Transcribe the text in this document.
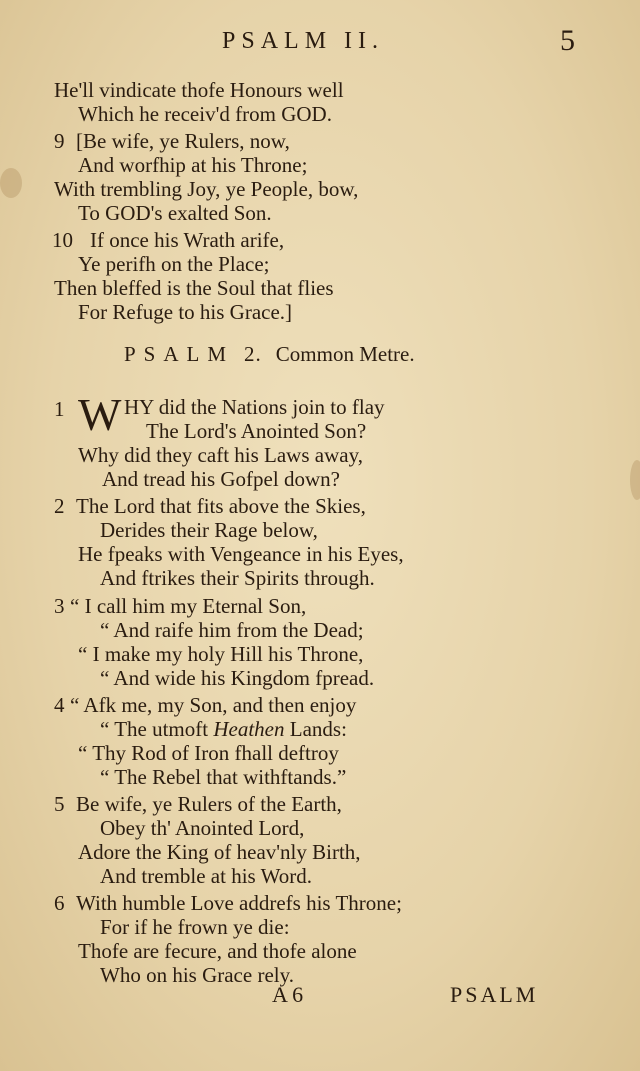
PSALM II.	5
He'll vindicate thofe Honours well
Which he receiv'd from GOD.
9 [Be wife, ye Rulers, now,
And worfhip at his Throne;
With trembling Joy, ye People, bow,
To GOD's exalted Son.
10 If once his Wrath arife,
Ye perifh on the Place;
Then bleffed is the Soul that flies
For Refuge to his Grace.]
PSALM 2. Common Metre.
1 W HY did the Nations join to flay
The Lord's Anointed Son?
Why did they caft his Laws away,
And tread his Gofpel down?
2 The Lord that fits above the Skies,
Derides their Rage below,
He fpeaks with Vengeance in his Eyes,
And ftrikes their Spirits through.
3 “ I call him my Eternal Son,
“ And raife him from the Dead;
“ I make my holy Hill his Throne,
“ And wide his Kingdom fpread.
4 “ Afk me, my Son, and then enjoy
“ The utmoft Heathen Lands:
“ Thy Rod of Iron fhall deftroy
“ The Rebel that withftands.”
5 Be wife, ye Rulers of the Earth,
Obey th' Anointed Lord,
Adore the King of heav'nly Birth,
And tremble at his Word.
6 With humble Love addrefs his Throne;
For if he frown ye die:
Thofe are fecure, and thofe alone
Who on his Grace rely.
A 6	PSALM
